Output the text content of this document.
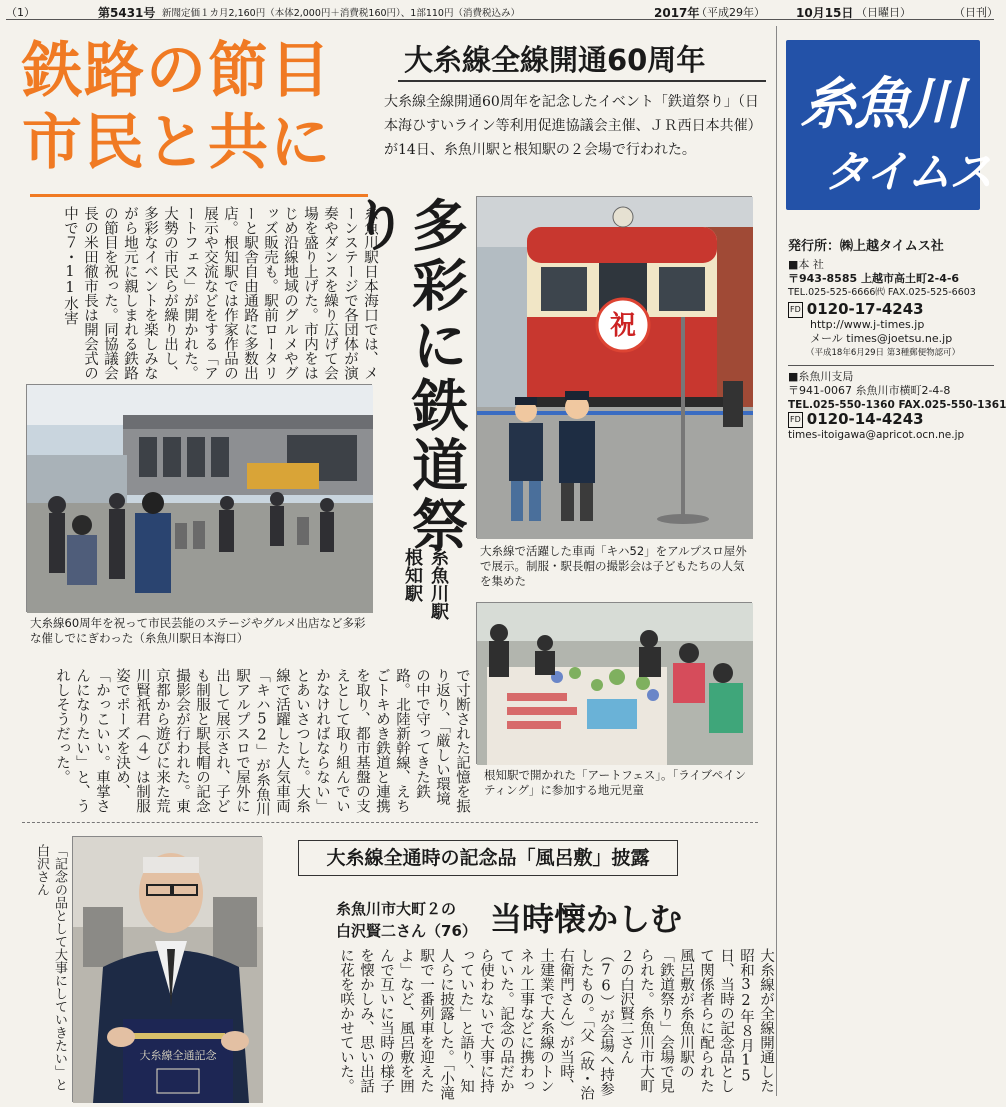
（1）	第5431号 新聞定価１カ月2,160円（本体2,000円＋消費税160円）、1部110円（消費税込み）	2017年
（平成29年）	10月15日 （日曜日）	（日刊）
鉄路の節目
市民と共に
大糸線全線開通60周年
大糸線全線開通60周年を記念したイベント「鉄道祭り」（日本海ひすいライン等利用促進協議会主催、ＪＲ西日本共催）が14日、糸魚川駅と根知駅の２会場で行われた。
糸魚川
タイムス
発行所：㈱上越タイムス社
■本 社
〒943-8585 上越市高土町2-4-6
TEL.025-525-6666㈹ FAX.025-525-6603
FD 0120-17-4243
http://www.j-times.jp
メール times@joetsu.ne.jp
（平成18年6月29日 第3種郵便物認可）
■糸魚川支局
〒941-0067 糸魚川市横町2-4-8
TEL.025-550-1360 FAX.025-550-1361
FD 0120-14-4243
times-itoigawa@apricot.ocn.ne.jp
糸魚川駅日本海口では、メーンステージで各団体が演奏やダンスを繰り広げて会場を盛り上げた。市内をはじめ沿線地域のグルメやグッズ販売も。駅前ロータリーと駅舎自由通路に多数出店。根知駅では作家作品の展示や交流などをする「アートフェス」が開かれた。大勢の市民らが繰り出し、多彩なイベントを楽しみながら地元に親しまれる鉄路の節目を祝った。同協議会長の米田徹市長は開会式の中で７・11水害
大糸線60周年を祝って市民芸能のステージやグルメ出店など多彩な催しでにぎわった（糸魚川駅日本海口）
多彩に鉄道祭り
糸魚川駅
根知駅
祝
大糸線で活躍した車両「キハ52」をアルプスロ屋外で展示。制服・駅長帽の撮影会は子どもたちの人気を集めた
根知駅で開かれた「アートフェス」。「ライブペインティング」に参加する地元児童
で寸断された記憶を振り返り、「厳しい環境の中で守ってきた鉄路。北陸新幹線、えちごトキめき鉄道と連携を取り、都市基盤の支えとして取り組んでいかなければならない」とあいさつした。大糸線で活躍した人気車両「キハ52」が糸魚川駅アルプスロで屋外に出して展示され、子ども制服と駅長帽の記念撮影会が行われた。東京都から遊びに来た荒川賢祇君（４）は制服姿でポーズを決め、「かっこいい。車掌さんになりたい」と、うれしそうだった。
大糸線全通時の記念品「風呂敷」披露
糸魚川市大町２の
白沢賢二さん（76） 当時懐かしむ
大糸線全通記念
「記念の品として大事にしていきたい」と白沢さん
大糸線が全線開通した昭和32年８月15日、当時の記念品として関係者らに配られた風呂敷が糸魚川駅の「鉄道祭り」会場で見られた。糸魚川市大町２の白沢賢二さん（76）が会場へ持参したもの。「父（故・治右衛門さん）が当時、土建業で大糸線のトンネル工事などに携わっていた。記念の品だから使わないで大事に持っていた」と語り、知人らに披露した。「小滝駅で一番列車を迎えたよ」など、風呂敷を囲んで互いに当時の様子を懐かしみ、思い出話に花を咲かせていた。
